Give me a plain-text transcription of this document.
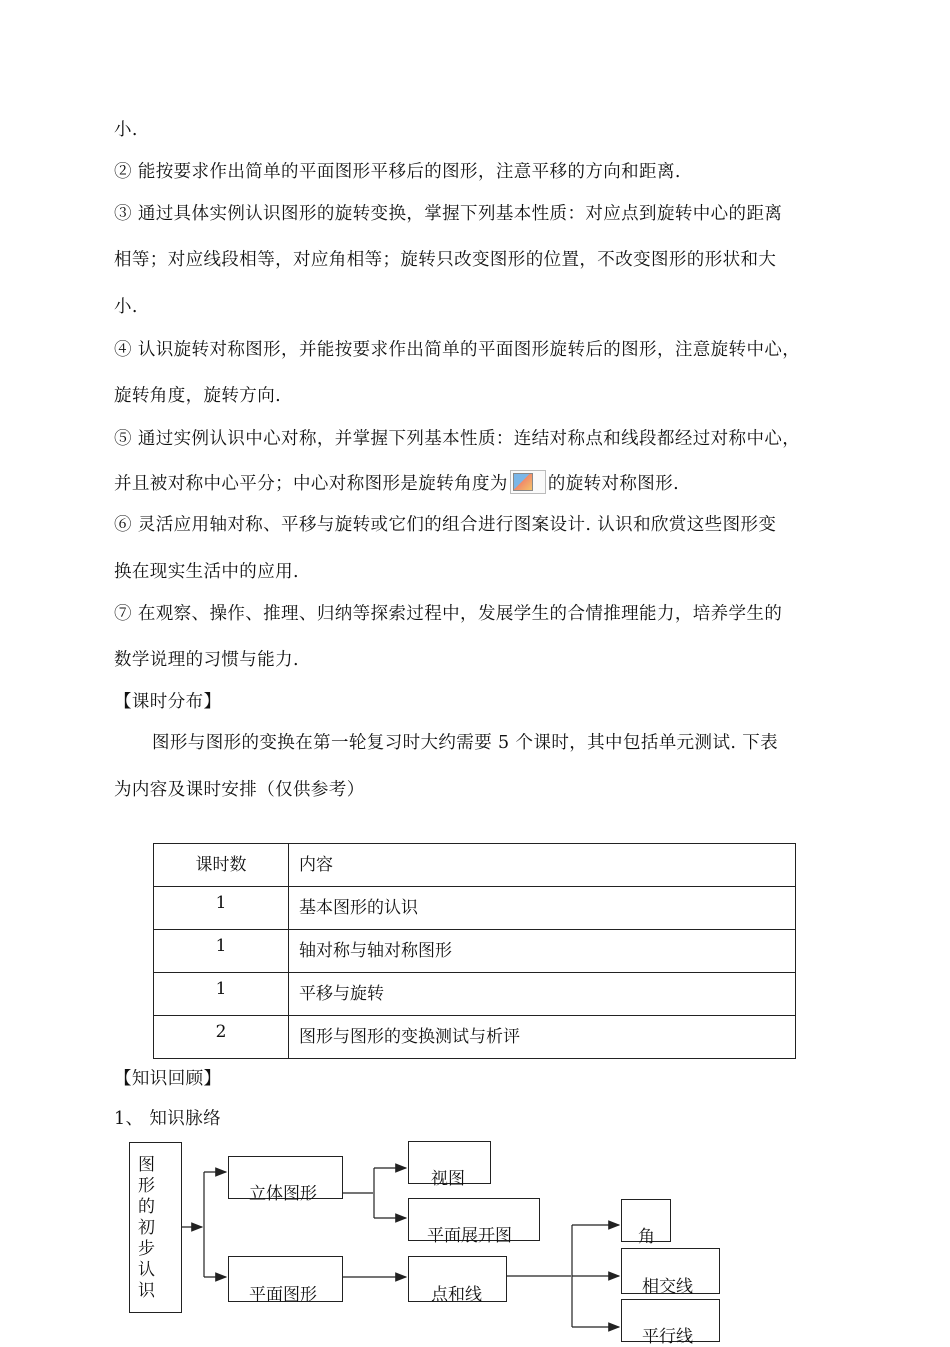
小.
② 能按要求作出简单的平面图形平移后的图形，注意平移的方向和距离.
③ 通过具体实例认识图形的旋转变换，掌握下列基本性质：对应点到旋转中心的距离
相等；对应线段相等，对应角相等；旋转只改变图形的位置，不改变图形的形状和大
小.
④ 认识旋转对称图形，并能按要求作出简单的平面图形旋转后的图形，注意旋转中心，
旋转角度，旋转方向.
⑤ 通过实例认识中心对称，并掌握下列基本性质：连结对称点和线段都经过对称中心，
并且被对称中心平分；中心对称图形是旋转角度为 的旋转对称图形.
⑥ 灵活应用轴对称、平移与旋转或它们的组合进行图案设计. 认识和欣赏这些图形变
换在现实生活中的应用.
⑦ 在观察、操作、推理、归纳等探索过程中，发展学生的合情推理能力，培养学生的
数学说理的习惯与能力.
【课时分布】
图形与图形的变换在第一轮复习时大约需要 5 个课时，其中包括单元测试. 下表
为内容及课时安排（仅供参考）
课时数	内容
1	基本图形的认识
1	轴对称与轴对称图形
1	平移与旋转
2	图形与图形的变换测试与析评
【知识回顾】
1、 知识脉络
图形的初步认识
立体图形
视图
平面展开图
平面图形	点和线
角
相交线
平行线
